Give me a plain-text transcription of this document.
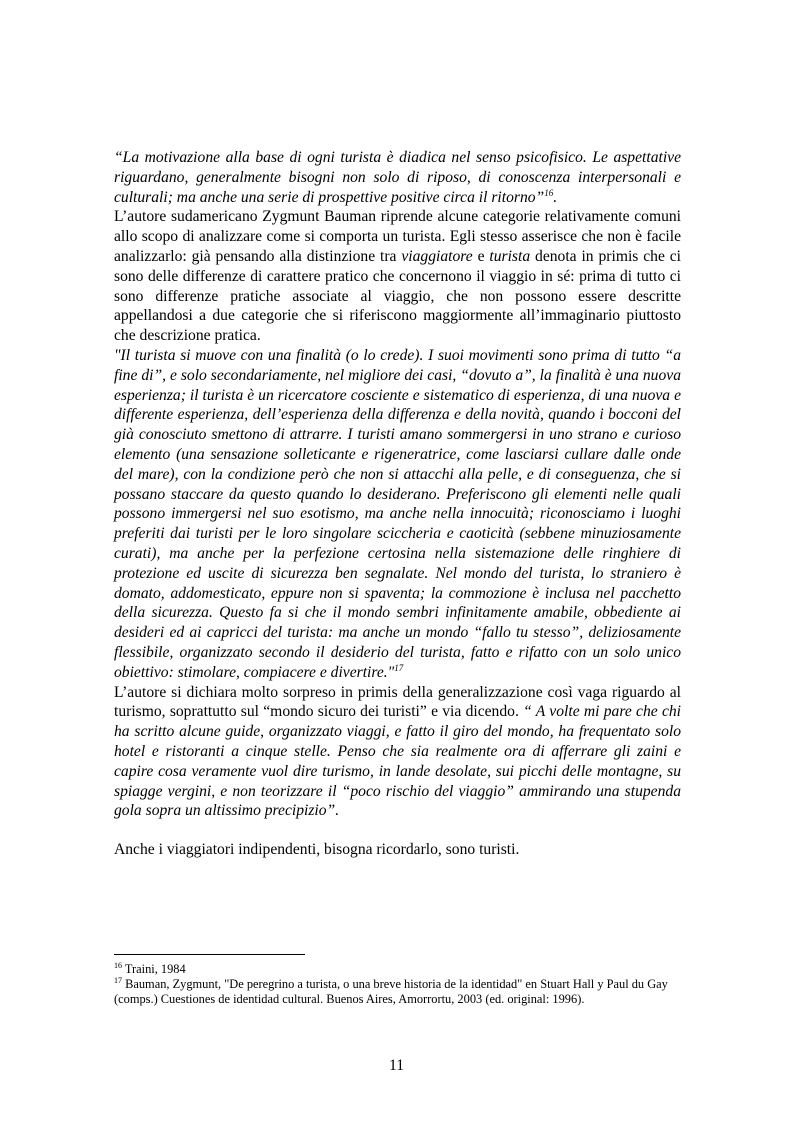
“La motivazione alla base di ogni turista è diadica nel senso psicofisico. Le aspettative riguardano, generalmente bisogni non solo di riposo, di conoscenza interpersonali e culturali; ma anche una serie di prospettive positive circa il ritorno”$^{16}$.

L’autore sudamericano Zygmunt Bauman riprende alcune categorie relativamente comuni allo scopo di analizzare come si comporta un turista. Egli stesso asserisce che non è facile analizzarlo: già pensando alla distinzione tra viaggiatore e turista denota in primis che ci sono delle differenze di carattere pratico che concernono il viaggio in sé: prima di tutto ci sono differenze pratiche associate al viaggio, che non possono essere descritte appellandosi a due categorie che si riferiscono maggiormente all’immaginario piuttosto che descrizione pratica.

"Il turista si muove con una finalità (o lo crede). I suoi movimenti sono prima di tutto “a fine di”, e solo secondariamente, nel migliore dei casi, “dovuto a”, la finalità è una nuova esperienza; il turista è un ricercatore cosciente e sistematico di esperienza, di una nuova e differente esperienza, dell’esperienza della differenza e della novità, quando i bocconi del già conosciuto smettono di attrarre. I turisti amano sommergersi in uno strano e curioso elemento (una sensazione solleticante e rigeneratrice, come lasciarsi cullare dalle onde del mare), con la condizione però che non si attacchi alla pelle, e di conseguenza, che si possano staccare da questo quando lo desiderano. Preferiscono gli elementi nelle quali possono immergersi nel suo esotismo, ma anche nella innocuità; riconosciamo i luoghi preferiti dai turisti per le loro singolare sciccheria e caoticità (sebbene minuziosamente curati), ma anche per la perfezione certosina nella sistemazione delle ringhiere di protezione ed uscite di sicurezza ben segnalate. Nel mondo del turista, lo straniero è domato, addomesticato, eppure non si spaventa; la commozione è inclusa nel pacchetto della sicurezza. Questo fa si che il mondo sembri infinitamente amabile, obbediente ai desideri ed ai capricci del turista: ma anche un mondo “fallo tu stesso”, deliziosamente flessibile, organizzato secondo il desiderio del turista, fatto e rifatto con un solo unico obiettivo: stimolare, compiacere e divertire."$^{17}$

L’autore si dichiara molto sorpreso in primis della generalizzazione così vaga riguardo al turismo, soprattutto sul “mondo sicuro dei turisti” e via dicendo. “ A volte mi pare che chi ha scritto alcune guide, organizzato viaggi, e fatto il giro del mondo, ha frequentato solo hotel e ristoranti a cinque stelle. Penso che sia realmente ora di afferrare gli zaini e capire cosa veramente vuol dire turismo, in lande desolate, sui picchi delle montagne, su spiagge vergini, e non teorizzare il “poco rischio del viaggio” ammirando una stupenda gola sopra un altissimo precipizio”.

Anche i viaggiatori indipendenti, bisogna ricordarlo, sono turisti.

$^{16}$ Traini, 1984

$^{17}$ Bauman, Zygmunt, "De peregrino a turista, o una breve historia de la identidad" en Stuart Hall y Paul du Gay (comps.) Cuestiones de identidad cultural. Buenos Aires, Amorrortu, 2003 (ed. original: 1996).

11
